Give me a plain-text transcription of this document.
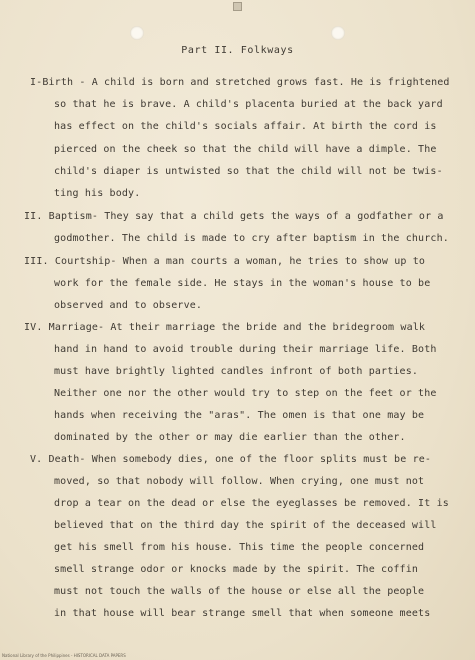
Part II. Folkways
I-Birth - A child is born and stretched grows fast. He is frightened
so that he is brave. A child's placenta buried at the back yard
has effect on the child's socials affair. At birth the cord is
pierced on the cheek so that the child will have a dimple. The
child's diaper is untwisted so that the child will not be twis-
ting his body.
II. Baptism- They say that a child gets the ways of a godfather or a
godmother. The child is made to cry after baptism in the church.
III. Courtship- When a man courts a woman, he tries to show up to
work for the female side. He stays in the woman's house to be
observed and to observe.
IV. Marriage- At their marriage the bride and the bridegroom walk
hand in hand to avoid trouble during their marriage life. Both
must have brightly lighted candles infront of both parties.
Neither one nor the other would try to step on the feet or the
hands when receiving the "aras". The omen is that one may be
dominated by the other or may die earlier than the other.
V. Death- When somebody dies, one of the floor splits must be re-
moved, so that nobody will follow. When crying, one must not
drop a tear on the dead or else the eyeglasses be removed. It is
believed that on the third day the spirit of the deceased will
get his smell from his house. This time the people concerned
smell strange odor or knocks made by the spirit. The coffin
must not touch the walls of the house or else all the people
in that house will bear strange smell that when someone meets
National Library of the Philippines - HISTORICAL DATA PAPERS
